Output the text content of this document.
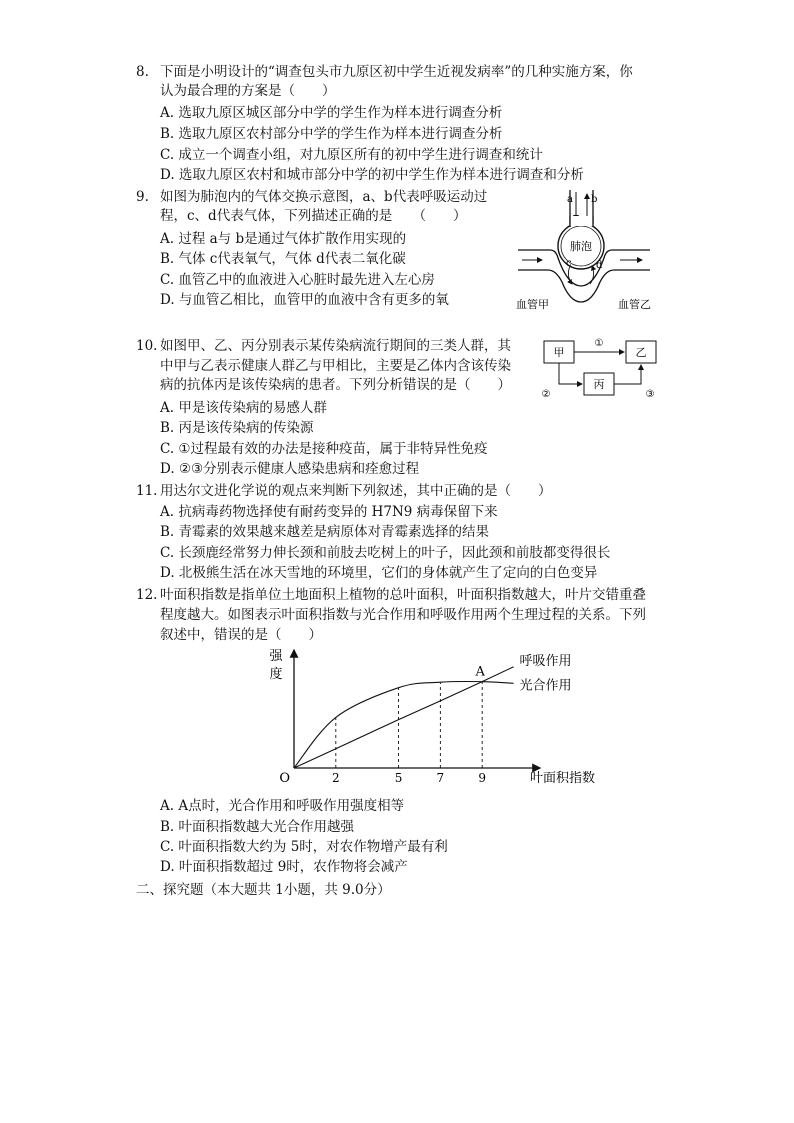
8. 下面是小明设计的“调查包头市九原区初中学生近视发病率”的几种实施方案，你
认为最合理的方案是（　　）
A. 选取九原区城区部分中学的学生作为样本进行调查分析
B. 选取九原区农村部分中学的学生作为样本进行调查分析
C. 成立一个调查小组，对九原区所有的初中学生进行调查和统计
D. 选取九原区农村和城市部分中学的初中学生作为样本进行调查和分析
9. 如图为肺泡内的气体交换示意图，a、b代表呼吸运动过
程，c、d代表气体，下列描述正确的是　　（　　）
A. 过程 a与 b是通过气体扩散作用实现的
B. 气体 c代表氧气，气体 d代表二氧化碳
C. 血管乙中的血液进入心脏时最先进入左心房
D. 与血管乙相比，血管甲的血液中含有更多的氧
a b
肺泡
c d
血管甲	血管乙
10. 如图甲、乙、丙分别表示某传染病流行期间的三类人群，其
中甲与乙表示健康人群乙与甲相比，主要是乙体内含该传染
病的抗体丙是该传染病的患者。下列分析错误的是（　　）
A. 甲是该传染病的易感人群
B. 丙是该传染病的传染源
C. ①过程最有效的办法是接种疫苗，属于非特异性免疫
D. ②③分别表示健康人感染患病和痊愈过程
甲	乙
丙
①
②	③
11. 用达尔文进化学说的观点来判断下列叙述，其中正确的是（　　）
A. 抗病毒药物选择使有耐药变异的 H7N9 病毒保留下来
B. 青霉素的效果越来越差是病原体对青霉素选择的结果
C. 长颈鹿经常努力伸长颈和前肢去吃树上的叶子，因此颈和前肢都变得很长
D. 北极熊生活在冰天雪地的环境里，它们的身体就产生了定向的白色变异
12. 叶面积指数是指单位土地面积上植物的总叶面积，叶面积指数越大，叶片交错重叠
程度越大。如图表示叶面积指数与光合作用和呼吸作用两个生理过程的关系。下列
叙述中，错误的是（　　）
强
度
O	叶面积指数
呼吸作用
光合作用
2	5	7	9
A
A. A点时，光合作用和呼吸作用强度相等
B. 叶面积指数越大光合作用越强
C. 叶面积指数大约为 5时，对农作物增产最有利
D. 叶面积指数超过 9时，农作物将会减产
二、探究题（本大题共 1小题，共 9.0分）
